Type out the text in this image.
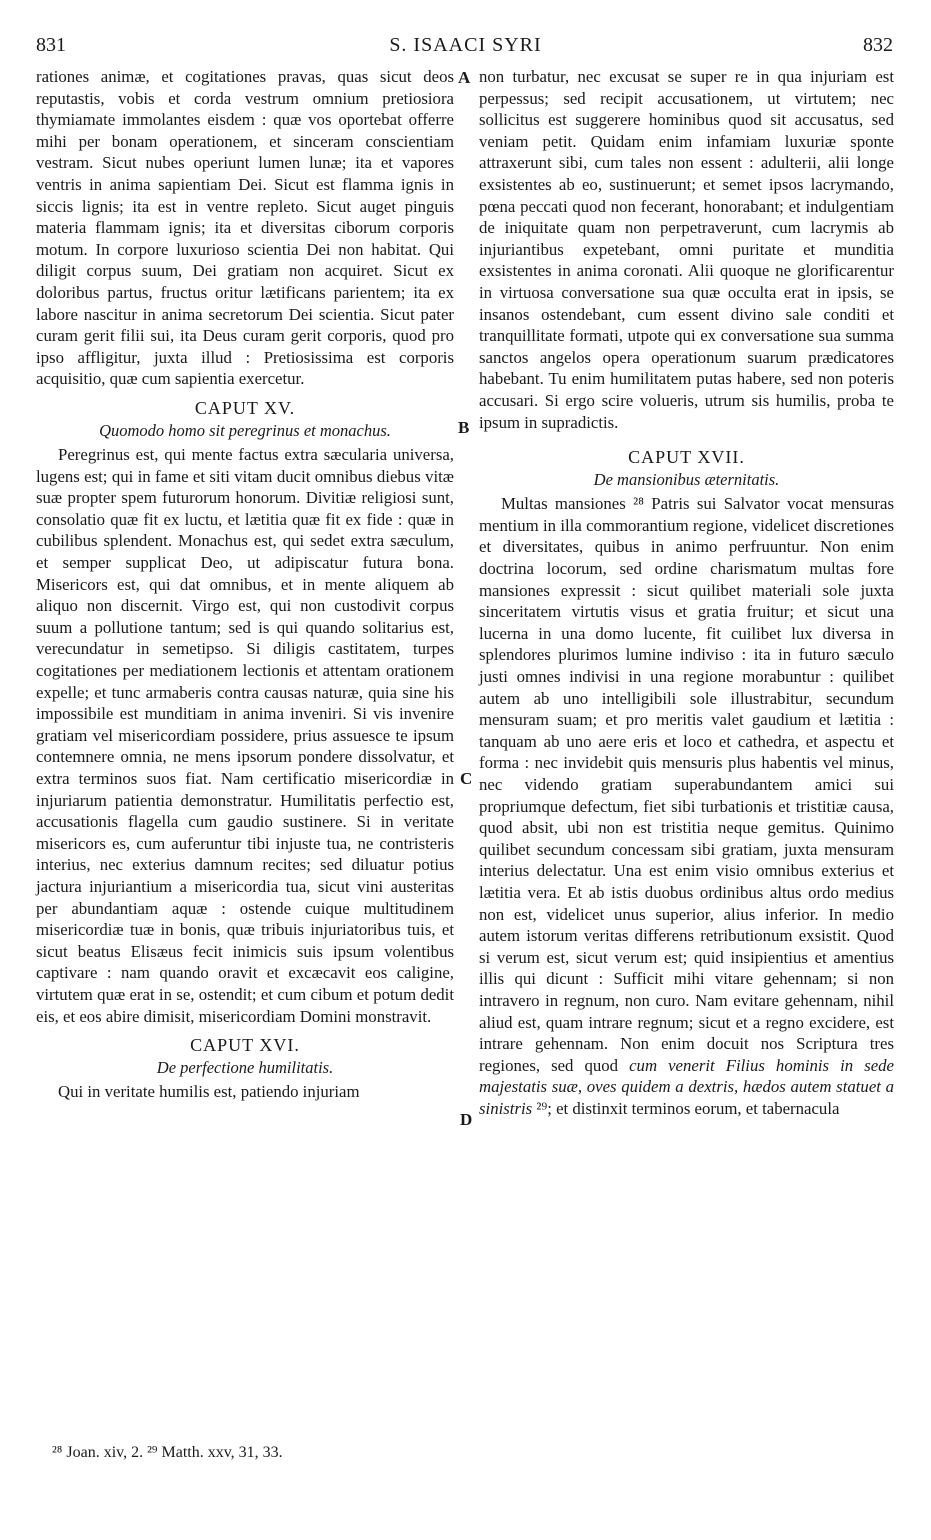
831	S. ISAACI SYRI	832
A
B
C
D

rationes animæ, et cogitationes pravas, quas sicut deos reputastis, vobis et corda vestrum omnium pretiosiora thymiamate immolantes eisdem : quæ vos oportebat offerre mihi per bonam operationem, et sinceram conscientiam vestram. Sicut nubes operiunt lumen lunæ; ita et vapores ventris in anima sapientiam Dei. Sicut est flamma ignis in siccis lignis; ita est in ventre repleto. Sicut auget pinguis materia flammam ignis; ita et diversitas ciborum corporis motum. In corpore luxurioso scientia Dei non habitat. Qui diligit corpus suum, Dei gratiam non acquiret. Sicut ex doloribus partus, fructus oritur lætificans parientem; ita ex labore nascitur in anima secretorum Dei scientia. Sicut pater curam gerit filii sui, ita Deus curam gerit corporis, quod pro ipso affligitur, juxta illud : Pretiosissima est corporis acquisitio, quæ cum sapientia exercetur.

CAPUT XV.
Quomodo homo sit peregrinus et monachus.

Peregrinus est, qui mente factus extra sæcularia universa, lugens est; qui in fame et siti vitam ducit omnibus diebus vitæ suæ propter spem futurorum honorum. Divitiæ religiosi sunt, consolatio quæ fit ex luctu, et lætitia quæ fit ex fide : quæ in cubilibus splendent. Monachus est, qui sedet extra sæculum, et semper supplicat Deo, ut adipiscatur futura bona. Misericors est, qui dat omnibus, et in mente aliquem ab aliquo non discernit. Virgo est, qui non custodivit corpus suum a pollutione tantum; sed is qui quando solitarius est, verecundatur in semetipso. Si diligis castitatem, turpes cogitationes per mediationem lectionis et attentam orationem expelle; et tunc armaberis contra causas naturæ, quia sine his impossibile est munditiam in anima inveniri. Si vis invenire gratiam vel misericordiam possidere, prius assuesce te ipsum contemnere omnia, ne mens ipsorum pondere dissolvatur, et extra terminos suos fiat. Nam certificatio misericordiæ in injuriarum patientia demonstratur. Humilitatis perfectio est, accusationis flagella cum gaudio sustinere. Si in veritate misericors es, cum auferuntur tibi injuste tua, ne contristeris interius, nec exterius damnum recites; sed diluatur potius jactura injuriantium a misericordia tua, sicut vini austeritas per abundantiam aquæ : ostende cuique multitudinem misericordiæ tuæ in bonis, quæ tribuis injuriatoribus tuis, et sicut beatus Elisæus fecit inimicis suis ipsum volentibus captivare : nam quando oravit et excæcavit eos caligine, virtutem quæ erat in se, ostendit; et cum cibum et potum dedit eis, et eos abire dimisit, misericordiam Domini monstravit.

CAPUT XVI.
De perfectione humilitatis.

Qui in veritate humilis est, patiendo injuriam

non turbatur, nec excusat se super re in qua injuriam est perpessus; sed recipit accusationem, ut virtutem; nec sollicitus est suggerere hominibus quod sit accusatus, sed veniam petit. Quidam enim infamiam luxuriæ sponte attraxerunt sibi, cum tales non essent : adulterii, alii longe exsistentes ab eo, sustinuerunt; et semet ipsos lacrymando, pœna peccati quod non fecerant, honorabant; et indulgentiam de iniquitate quam non perpetraverunt, cum lacrymis ab injuriantibus expetebant, omni puritate et munditia exsistentes in anima coronati. Alii quoque ne glorificarentur in virtuosa conversatione sua quæ occulta erat in ipsis, se insanos ostendebant, cum essent divino sale conditi et tranquillitate formati, utpote qui ex conversatione sua summa sanctos angelos opera operationum suarum prædicatores habebant. Tu enim humilitatem putas habere, sed non poteris accusari. Si ergo scire volueris, utrum sis humilis, proba te ipsum in supradictis.

CAPUT XVII.
De mansionibus æternitatis.

Multas mansiones ²⁸ Patris sui Salvator vocat mensuras mentium in illa commorantium regione, videlicet discretiones et diversitates, quibus in animo perfruuntur. Non enim doctrina locorum, sed ordine charismatum multas fore mansiones expressit : sicut quilibet materiali sole juxta sinceritatem virtutis visus et gratia fruitur; et sicut una lucerna in una domo lucente, fit cuilibet lux diversa in splendores plurimos lumine indiviso : ita in futuro sæculo justi omnes indivisi in una regione morabuntur : quilibet autem ab uno intelligibili sole illustrabitur, secundum mensuram suam; et pro meritis valet gaudium et lætitia : tanquam ab uno aere eris et loco et cathedra, et aspectu et forma : nec invidebit quis mensuris plus habentis vel minus, nec videndo gratiam superabundantem amici sui propriumque defectum, fiet sibi turbationis et tristitiæ causa, quod absit, ubi non est tristitia neque gemitus. Quinimo quilibet secundum concessam sibi gratiam, juxta mensuram interius delectatur. Una est enim visio omnibus exterius et lætitia vera. Et ab istis duobus ordinibus altus ordo medius non est, videlicet unus superior, alius inferior. In medio autem istorum veritas differens retributionum exsistit. Quod si verum est, sicut verum est; quid insipientius et amentius illis qui dicunt : Sufficit mihi vitare gehennam; si non intravero in regnum, non curo. Nam evitare gehennam, nihil aliud est, quam intrare regnum; sicut et a regno excidere, est intrare gehennam. Non enim docuit nos Scriptura tres regiones, sed quod cum venerit Filius hominis in sede majestatis suæ, oves quidem a dextris, hædos autem statuet a sinistris ²⁹; et distinxit terminos eorum, et tabernacula

²⁸ Joan. xiv, 2. ²⁹ Matth. xxv, 31, 33.
